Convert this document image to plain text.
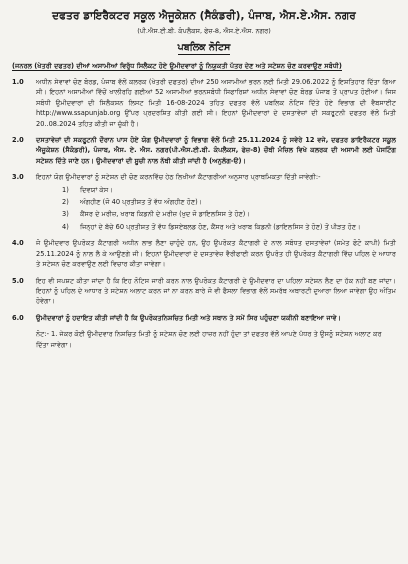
ਦਫਤਰ ਡਾਇਰੈਕਟਰ ਸਕੂਲ ਐਜੂਕੇਸ਼ਨ (ਸੈਕੰਡਰੀ), ਪੰਜਾਬ, ਐਸ.ਏ.ਐਸ. ਨਗਰ
(ਪੀ.ਐਸ.ਈ.ਬੀ. ਕੰਪਲੈਕਸ, ਫੇਜ਼-8, ਐਸ.ਏ.ਐਸ. ਨਗਰ)
ਪਬਲਿਕ ਨੋਟਿਸ
(ਜਨਰਲ (ਖੇਤਰੀ ਦਫਤਰ) ਦੀਆਂ ਅਸਾਮੀਆਂ ਵਿਰੁੱਧ ਸਿਲੈਕਟ ਹੋਏ ਉਮੀਦਵਾਰਾਂ ਨੂੰ ਨਿਯੁਕਤੀ ਪੱਤਰ ਦੇਣ ਅਤੇ ਸਟੇਸ਼ਨ ਚੋਣ ਕਰਵਾਉਣ ਸਬੰਧੀ)
1.0	ਅਧੀਨ ਸੇਵਾਵਾਂ ਚੋਣ ਬੋਰਡ, ਪੰਜਾਬ ਵੱਲੋਂ ਕਲਰਕ (ਖੇਤਰੀ ਦਫਤਰ) ਦੀਆਂ 250 ਅਸਾਮੀਆਂ ਭਰਨ ਲਈ ਮਿਤੀ 29.06.2022 ਨੂੰ ਇਸ਼ਤਿਹਾਰ ਦਿੱਤਾ ਗਿਆ ਸੀ। ਇਹਨਾਂ ਅਸਾਮੀਆਂ ਵਿੱਚੋਂ ਖਾਲੀਰਹਿ ਗਈਆਂ 52 ਅਸਾਮੀਆਂ ਭਰਨਸਬੰਧੀ ਸਿਫਾਰਿਸ਼ਾਂ ਅਧੀਨ ਸੇਵਾਵਾਂ ਚੋਣ ਬੋਰਡ ਪੰਜਾਬ ਤੋਂ ਪ੍ਰਾਪਤ ਹੋਈਆਂ। ਜਿਸ ਸਬੰਧੀ ਉਮੀਦਵਾਰਾਂ ਦੀ ਸਿਲੈਕਸ਼ਨ ਲਿਸਟ ਮਿਤੀ 16-08-2024 ਤਹਿਤ ਦਫਤਰ ਵੱਲੋਂ ਪਬਲਿਕ ਨੋਟਿਸ ਦਿੱਤੇ ਹੋਏ ਵਿਭਾਗ ਦੀ ਵੈਬਸਾਈਟ http://www.ssapunjab.org ਉੱਪਰ ਪ੍ਰਦਰਸ਼ਿਤ ਕੀਤੀ ਗਈ ਸੀ। ਇਹਨਾਂ ਉਮੀਦਵਾਰਾਂ ਦੇ ਦਸਤਾਵੇਜ਼ਾਂ ਦੀ ਸਕਰੂਟਨੀ ਦਫਤਰ ਵੱਲੋਂ ਮਿਤੀ 20..08.2024 ਤਹਿਤ ਕੀਤੀ ਜਾ ਚੁੱਕੀ ਹੈ।
2.0	ਦਸਤਾਵੇਜ਼ਾਂ ਦੀ ਸਕਰੂਟਨੀ ਦੌਰਾਨ ਪਾਸ ਹੋਏ ਯੋਗ ਉਮੀਦਵਾਰਾਂ ਨੂੰ ਵਿਭਾਗ ਵੱਲੋਂ ਮਿਤੀ 25.11.2024 ਨੂੰ ਸਵੇਰੇ 12 ਵਜੇ, ਦਫਤਰ ਡਾਇਰੈਕਟਰ ਸਕੂਲ ਐਜੂਕੇਸ਼ਨ (ਸੈਕੰਡਰੀ), ਪੰਜਾਬ, ਐਸ. ਏ. ਐਸ. ਨਗਰ(ਪੀ.ਐਸ.ਈ.ਬੀ. ਕੰਪਲੈਕਸ, ਫੇਜ਼-8) ਚੌਥੀ ਮੰਜ਼ਿਲ ਵਿਖੇ ਕਲਰਕ ਦੀ ਅਸਾਮੀ ਲਈ ਪੋਸਟਿੰਗ ਸਟੇਸ਼ਨ ਦਿੱਤੇ ਜਾਣੇ ਹਨ। ਉਮੀਦਵਾਰਾਂ ਦੀ ਸੂਚੀ ਨਾਲ ਨੱਥੀ ਕੀਤੀ ਜਾਂਦੀ ਹੈ (ਅਨੁਲੱਗ-ੳ)।
3.0	ਇਹਨਾਂ ਯੋਗ ਉਮੀਦਵਾਰਾਂ ਨੂੰ ਸਟੇਸ਼ਨ ਦੀ ਚੋਣ ਕਰਨਵਿੱਚ ਹੇਠ ਲਿਖੀਆਂ ਕੈਟਾਗਰੀਆਂ ਅਨੁਸਾਰ ਪ੍ਰਾਥਮਿਕਤਾ ਦਿੱਤੀ ਜਾਵੇਗੀ:-
1)	ਦਿਵਯਾਂ ਕੇਸ।
2)	ਅੰਗਹੀਣ (ਜੋ 40 ਪ੍ਰਤੀਸ਼ਤ ਤੋਂ ਵੱਧ ਅੰਗਹੀਣ ਹੋਣ)।
3)	ਕੈਂਸਰ ਦੇ ਮਰੀਜ਼, ਖਰਾਬ ਕਿਡਨੀ ਦੇ ਮਰੀਜ਼ (ਖੁਦ ਜੋ ਡਾਇਲਸਿਸ ਤੇ ਹੋਣ)।
4)	ਜਿਨ੍ਹਾਂ ਦੇ ਬੱਚੇ 60 ਪ੍ਰਤੀਸ਼ਤ ਤੋਂ ਵੱਧ ਡਿਸਏਬਲਡ ਹੋਣ, ਕੈਂਸਰ ਅਤੇ ਖਰਾਬ ਕਿਡਨੀ (ਡਾਇਲਸਿਸ ਤੇ ਹੋਣ) ਤੋਂ ਪੀੜਤ ਹੋਣ।
4.0	ਜੋ ਉਮੀਦਵਾਰ ਉਪਰੋਕਤ ਕੈਟਾਗਰੀ ਅਧੀਨ ਲਾਭ ਲੈਣਾ ਚਾਹੁੰਦੇ ਹਨ, ਉਹ ਉਪਰੋਕਤ ਕੈਟਾਗਰੀ ਦੇ ਨਾਲ ਸਬੰਧਤ ਦਸਤਾਵੇਜ਼ਾਂ (ਸਮੇਤ ਫੋਟੋ ਕਾਪੀ) ਮਿਤੀ 25.11.2024 ਨੂੰ ਨਾਲ ਲੈ ਕੇ ਆਉਣਗੇ ਜੀ। ਇਹਨਾਂ ਉਮੀਦਵਾਰਾਂ ਦੇ ਦਸਤਾਵੇਜ਼ ਵੈਰੀਫਾਈ ਕਰਨ ਉਪਰੰਤ ਹੀ ਉਪਰੋਕਤ ਕੈਟਾਗਰੀ ਵਿੱਚ ਪਹਿਲ ਦੇ ਆਧਾਰ ਤੇ ਸਟੇਸ਼ਨ ਚੋਣ ਕਰਵਾਉਣ ਲਈ ਵਿਚਾਰ ਕੀਤਾ ਜਾਵੇਗਾ।
5.0	ਇਹ ਵੀ ਸਪਸ਼ਟ ਕੀਤਾ ਜਾਂਦਾ ਹੈ ਕਿ ਇਹ ਨੋਟਿਸ ਜਾਰੀ ਕਰਨ ਨਾਲ ਉਪਰੋਕਤ ਕੈਟਾਗਰੀ ਦੇ ਉਮੀਦਵਾਰ ਦਾ ਪਹਿਲਾ ਸਟੇਸ਼ਨ ਲੈਣ ਦਾ ਹੱਕ ਨਹੀਂ ਬਣ ਜਾਂਦਾ। ਇਹਨਾਂ ਨੂੰ ਪਹਿਲ ਦੇ ਆਧਾਰ ਤੇ ਸਟੇਸ਼ਨ ਅਲਾਟ ਕਰਨ ਜਾਂ ਨਾ ਕਰਨ ਬਾਰੇ ਜੋ ਵੀ ਫੈਸਲਾ ਵਿਭਾਗ ਵੱਲੋਂ ਸਮਰੱਥ ਅਥਾਰਟੀ ਦੁਆਰਾ ਲਿਆ ਜਾਵੇਗਾ ਉਹ ਅੰਤਿਮ ਹੋਵੇਗਾ।
6.0	ਉਮੀਦਵਾਰਾਂ ਨੂੰ ਹਦਾਇਤ ਕੀਤੀ ਜਾਂਦੀ ਹੈ ਕਿ ਉਪਰੋਕਤਨਿਸ਼ਚਿਤ ਮਿਤੀ ਅਤੇ ਸਥਾਨ ਤੇ ਸਮੇਂ ਸਿਰ ਪਹੁੰਚਣਾ ਯਕੀਨੀ ਬਣਾਇਆ ਜਾਵੇ।
ਨੋਟ:- 1. ਜੇਕਰ ਕੋਈ ਉਮੀਦਵਾਰ ਨਿਸ਼ਚਿਤ ਮਿਤੀ ਨੂੰ ਸਟੇਸ਼ਨ ਚੋਣ ਲਈ ਹਾਜ਼ਰ ਨਹੀਂ ਹੁੰਦਾ ਤਾਂ ਦਫਤਰ ਵੱਲੋਂ ਆਪਣੇ ਪੱਧਰ ਤੇ ਉਸਨੂੰ ਸਟੇਸ਼ਨ ਅਲਾਟ ਕਰ ਦਿੱਤਾ ਜਾਵੇਗਾ।
